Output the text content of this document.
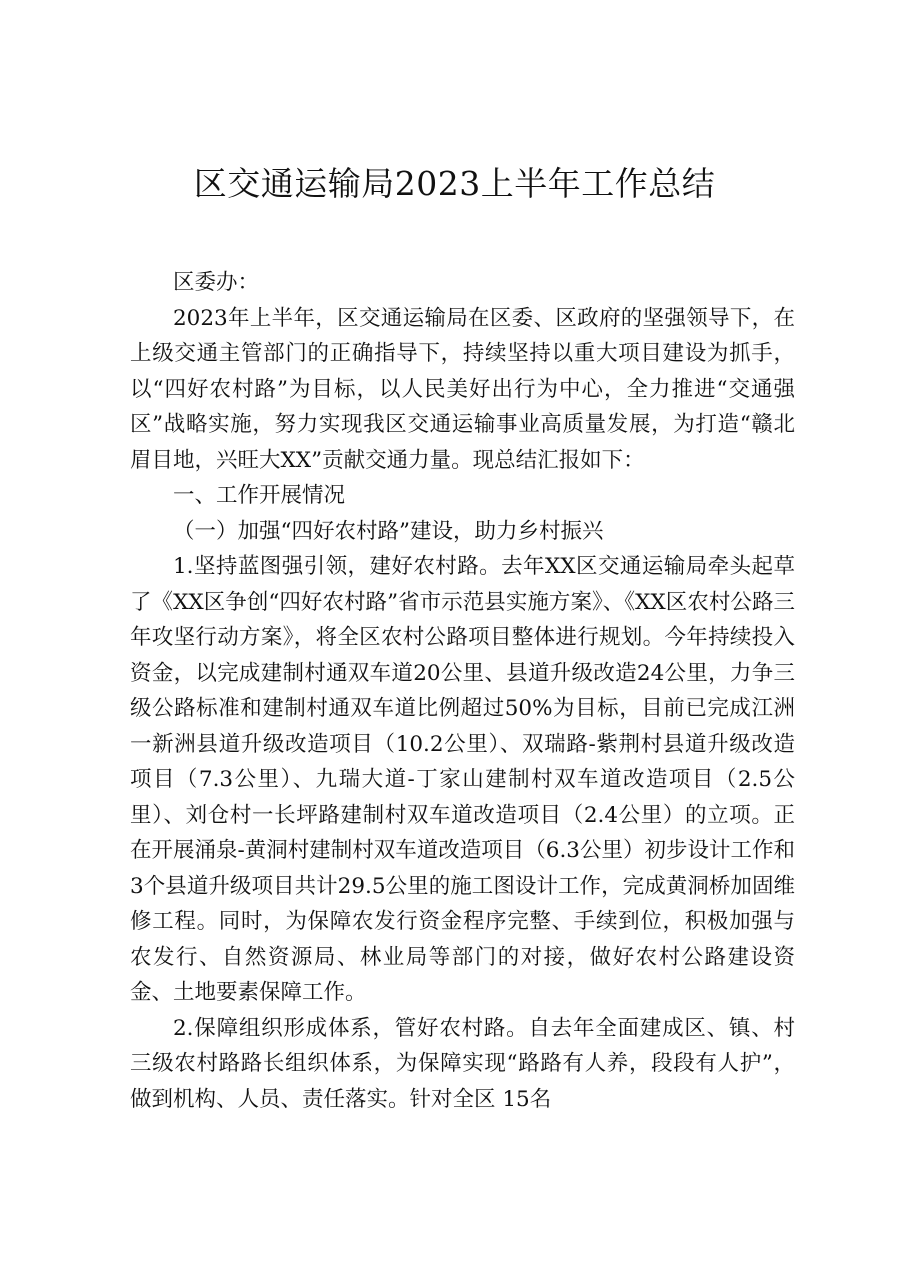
区交通运输局2023上半年工作总结

区委办：

2023年上半年，区交通运输局在区委、区政府的坚强领导下，在上级交通主管部门的正确指导下，持续坚持以重大项目建设为抓手，以“四好农村路”为目标，以人民美好出行为中心，全力推进“交通强区”战略实施，努力实现我区交通运输事业高质量发展，为打造“赣北眉目地，兴旺大XX”贡献交通力量。现总结汇报如下：

一、工作开展情况

（一）加强“四好农村路”建设，助力乡村振兴

1.坚持蓝图强引领，建好农村路。去年XX区交通运输局牵头起草了《XX区争创“四好农村路”省市示范县实施方案》、《XX区农村公路三年攻坚行动方案》，将全区农村公路项目整体进行规划。今年持续投入资金，以完成建制村通双车道20公里、县道升级改造24公里，力争三级公路标准和建制村通双车道比例超过50%为目标，目前已完成江洲一新洲县道升级改造项目（10.2公里）、双瑞路-紫荆村县道升级改造项目（7.3公里）、九瑞大道-丁家山建制村双车道改造项目（2.5公里）、刘仓村一长坪路建制村双车道改造项目（2.4公里）的立项。正在开展涌泉-黄洞村建制村双车道改造项目（6.3公里）初步设计工作和3个县道升级项目共计29.5公里的施工图设计工作，完成黄洞桥加固维修工程。同时，为保障农发行资金程序完整、手续到位，积极加强与农发行、自然资源局、林业局等部门的对接，做好农村公路建设资金、土地要素保障工作。

2.保障组织形成体系，管好农村路。自去年全面建成区、镇、村三级农村路路长组织体系，为保障实现“路路有人养，段段有人护”，做到机构、人员、责任落实。针对全区 15名
